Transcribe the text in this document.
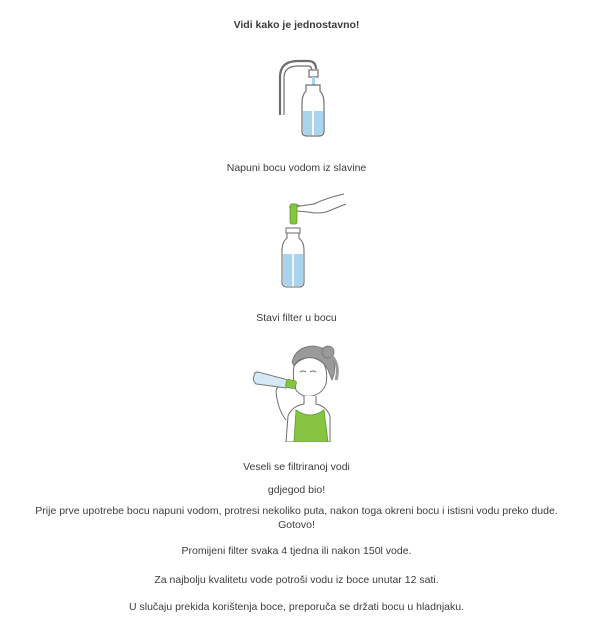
Vidi kako je jednostavno!
Napuni bocu vodom iz slavine
Stavi filter u bocu
Veseli se filtriranoj vodi
gdjegod bio!
Prije prve upotrebe bocu napuni vodom, protresi nekoliko puta, nakon toga okreni bocu i istisni vodu preko dude.
Gotovo!
Promijeni filter svaka 4 tjedna ili nakon 150l vode.
Za najbolju kvalitetu vode potroši vodu iz boce unutar 12 sati.
U slučaju prekida korištenja boce, preporuča se držati bocu u hladnjaku.
